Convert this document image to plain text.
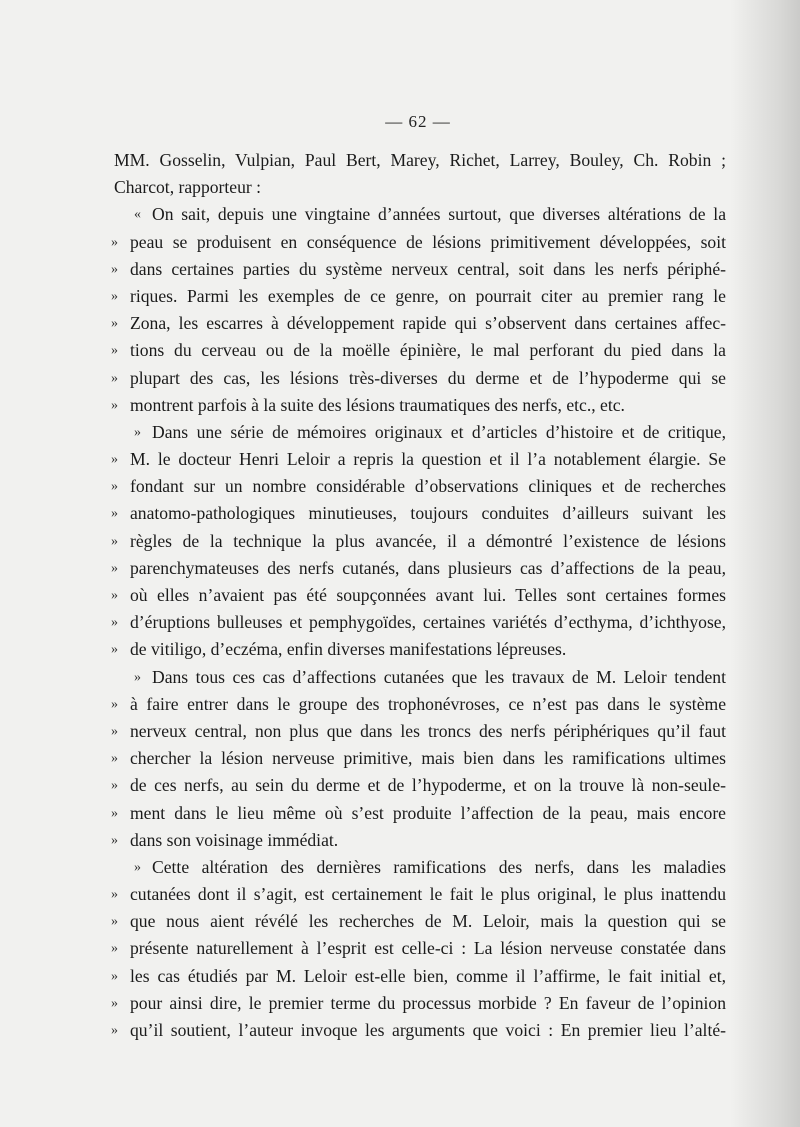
— 62 —
MM. Gosselin, Vulpian, Paul Bert, Marey, Richet, Larrey, Bouley, Ch. Robin ;
Charcot, rapporteur :
« On sait, depuis une vingtaine d’années surtout, que diverses altérations de la
» peau se produisent en conséquence de lésions primitivement développées, soit
» dans certaines parties du système nerveux central, soit dans les nerfs périphé-
» riques. Parmi les exemples de ce genre, on pourrait citer au premier rang le
» Zona, les escarres à développement rapide qui s’observent dans certaines affec-
» tions du cerveau ou de la moëlle épinière, le mal perforant du pied dans la
» plupart des cas, les lésions très-diverses du derme et de l’hypoderme qui se
» montrent parfois à la suite des lésions traumatiques des nerfs, etc., etc.
» Dans une série de mémoires originaux et d’articles d’histoire et de critique,
» M. le docteur Henri Leloir a repris la question et il l’a notablement élargie. Se
» fondant sur un nombre considérable d’observations cliniques et de recherches
» anatomo-pathologiques minutieuses, toujours conduites d’ailleurs suivant les
» règles de la technique la plus avancée, il a démontré l’existence de lésions
» parenchymateuses des nerfs cutanés, dans plusieurs cas d’affections de la peau,
» où elles n’avaient pas été soupçonnées avant lui. Telles sont certaines formes
» d’éruptions bulleuses et pemphygoïdes, certaines variétés d’ecthyma, d’ichthyose,
» de vitiligo, d’eczéma, enfin diverses manifestations lépreuses.
» Dans tous ces cas d’affections cutanées que les travaux de M. Leloir tendent
» à faire entrer dans le groupe des trophonévroses, ce n’est pas dans le système
» nerveux central, non plus que dans les troncs des nerfs périphériques qu’il faut
» chercher la lésion nerveuse primitive, mais bien dans les ramifications ultimes
» de ces nerfs, au sein du derme et de l’hypoderme, et on la trouve là non-seule-
» ment dans le lieu même où s’est produite l’affection de la peau, mais encore
» dans son voisinage immédiat.
» Cette altération des dernières ramifications des nerfs, dans les maladies
» cutanées dont il s’agit, est certainement le fait le plus original, le plus inattendu
» que nous aient révélé les recherches de M. Leloir, mais la question qui se
» présente naturellement à l’esprit est celle-ci : La lésion nerveuse constatée dans
» les cas étudiés par M. Leloir est-elle bien, comme il l’affirme, le fait initial et,
» pour ainsi dire, le premier terme du processus morbide ? En faveur de l’opinion
» qu’il soutient, l’auteur invoque les arguments que voici : En premier lieu l’alté-
